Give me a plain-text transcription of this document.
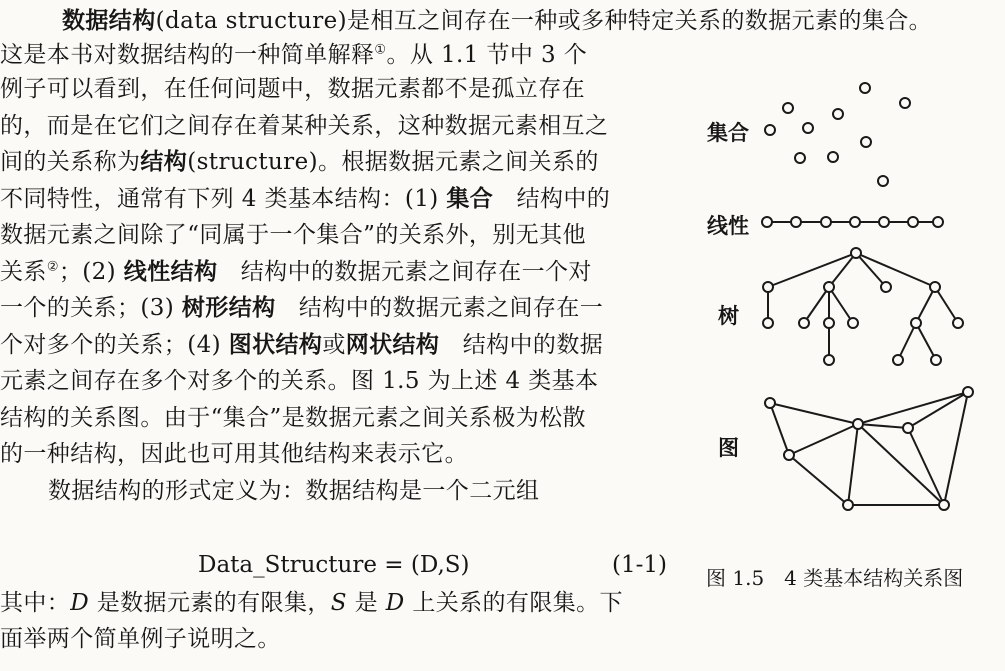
数据结构(data structure)是相互之间存在一种或多种特定关系的数据元素的集合。
这是本书对数据结构的一种简单解释①。从 1.1 节中 3 个
例子可以看到，在任何问题中，数据元素都不是孤立存在
的，而是在它们之间存在着某种关系，这种数据元素相互之
间的关系称为结构(structure)。根据数据元素之间关系的
不同特性，通常有下列 4 类基本结构：(1) 集合　结构中的
数据元素之间除了“同属于一个集合”的关系外，别无其他
关系②；(2) 线性结构　结构中的数据元素之间存在一个对
一个的关系；(3) 树形结构　结构中的数据元素之间存在一
个对多个的关系；(4) 图状结构或网状结构　结构中的数据
元素之间存在多个对多个的关系。图 1.5 为上述 4 类基本
结构的关系图。由于“集合”是数据元素之间关系极为松散
的一种结构，因此也可用其他结构来表示它。
数据结构的形式定义为：数据结构是一个二元组
Data_Structure = (D,S)	(1-1)
其中：D 是数据元素的有限集，S 是 D 上关系的有限集。下
面举两个简单例子说明之。
集合
线性
树
图
图 1.5　4 类基本结构关系图
